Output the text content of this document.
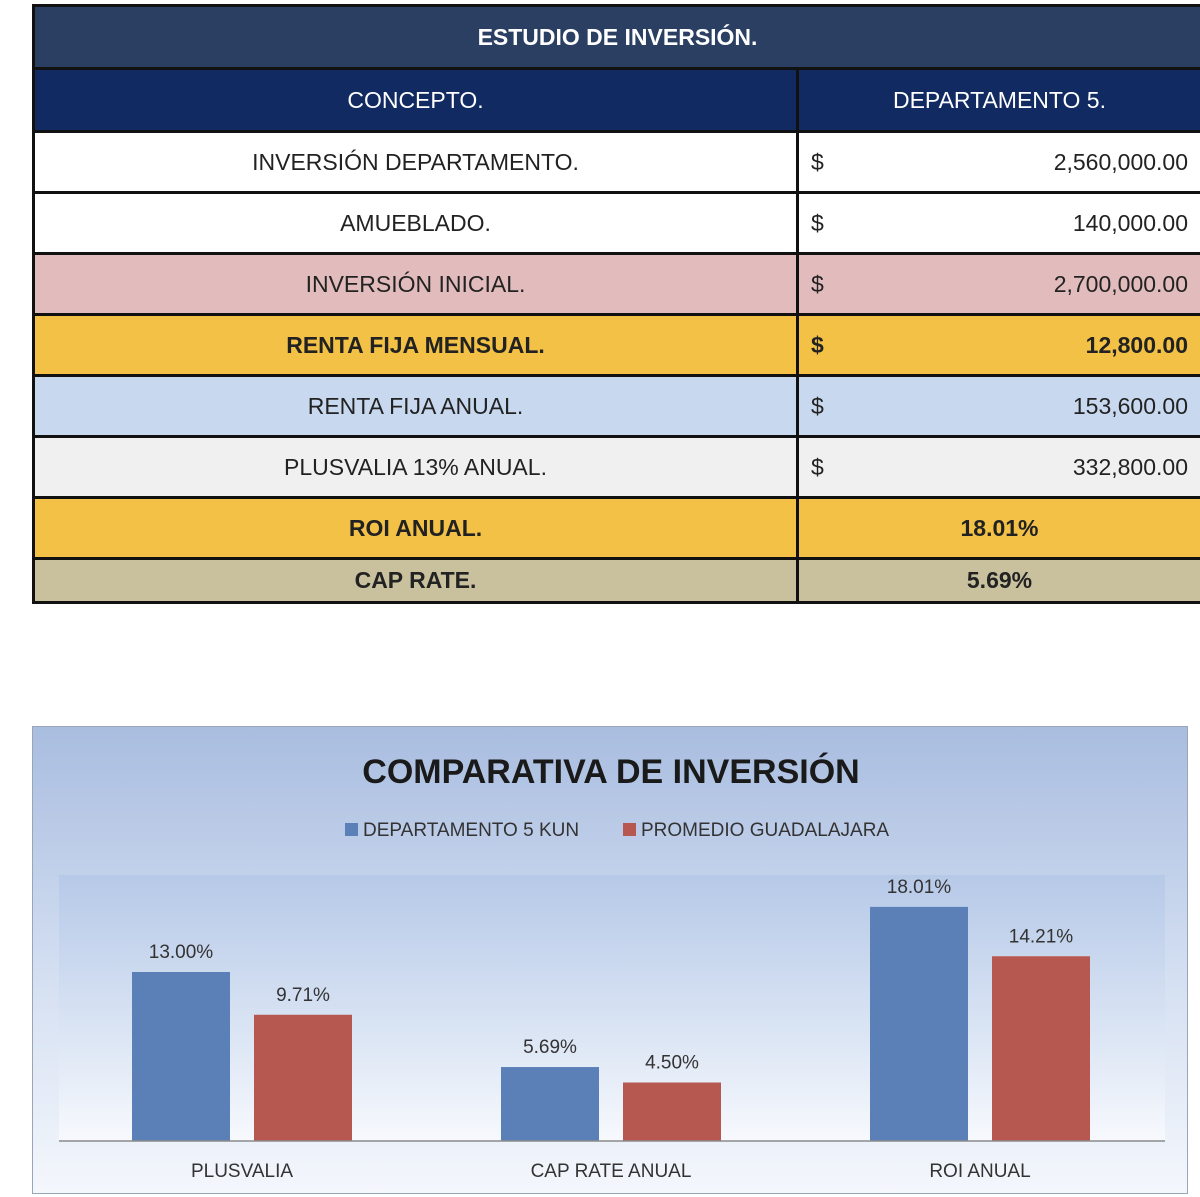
ESTUDIO DE INVERSIÓN.	
CONCEPTO.	DEPARTAMENTO 5.
INVERSIÓN DEPARTAMENTO.	$ 2,560,000.00

AMUEBLADO.	$ 140,000.00

INVERSIÓN INICIAL.	$ 2,700,000.00

RENTA FIJA MENSUAL.	$ 12,800.00

RENTA FIJA ANUAL.	$ 153,600.00

PLUSVALIA 13% ANUAL.	$ 332,800.00

ROI ANUAL.	18.01%
CAP RATE.	5.69%
COMPARATIVA DE INVERSIÓN
DEPARTAMENTO 5 KUN	PROMEDIO GUADALAJARA
13.00%
9.71%
5.69%
4.50%
18.01%
14.21%
PLUSVALIA	CAP RATE ANUAL	ROI ANUAL
